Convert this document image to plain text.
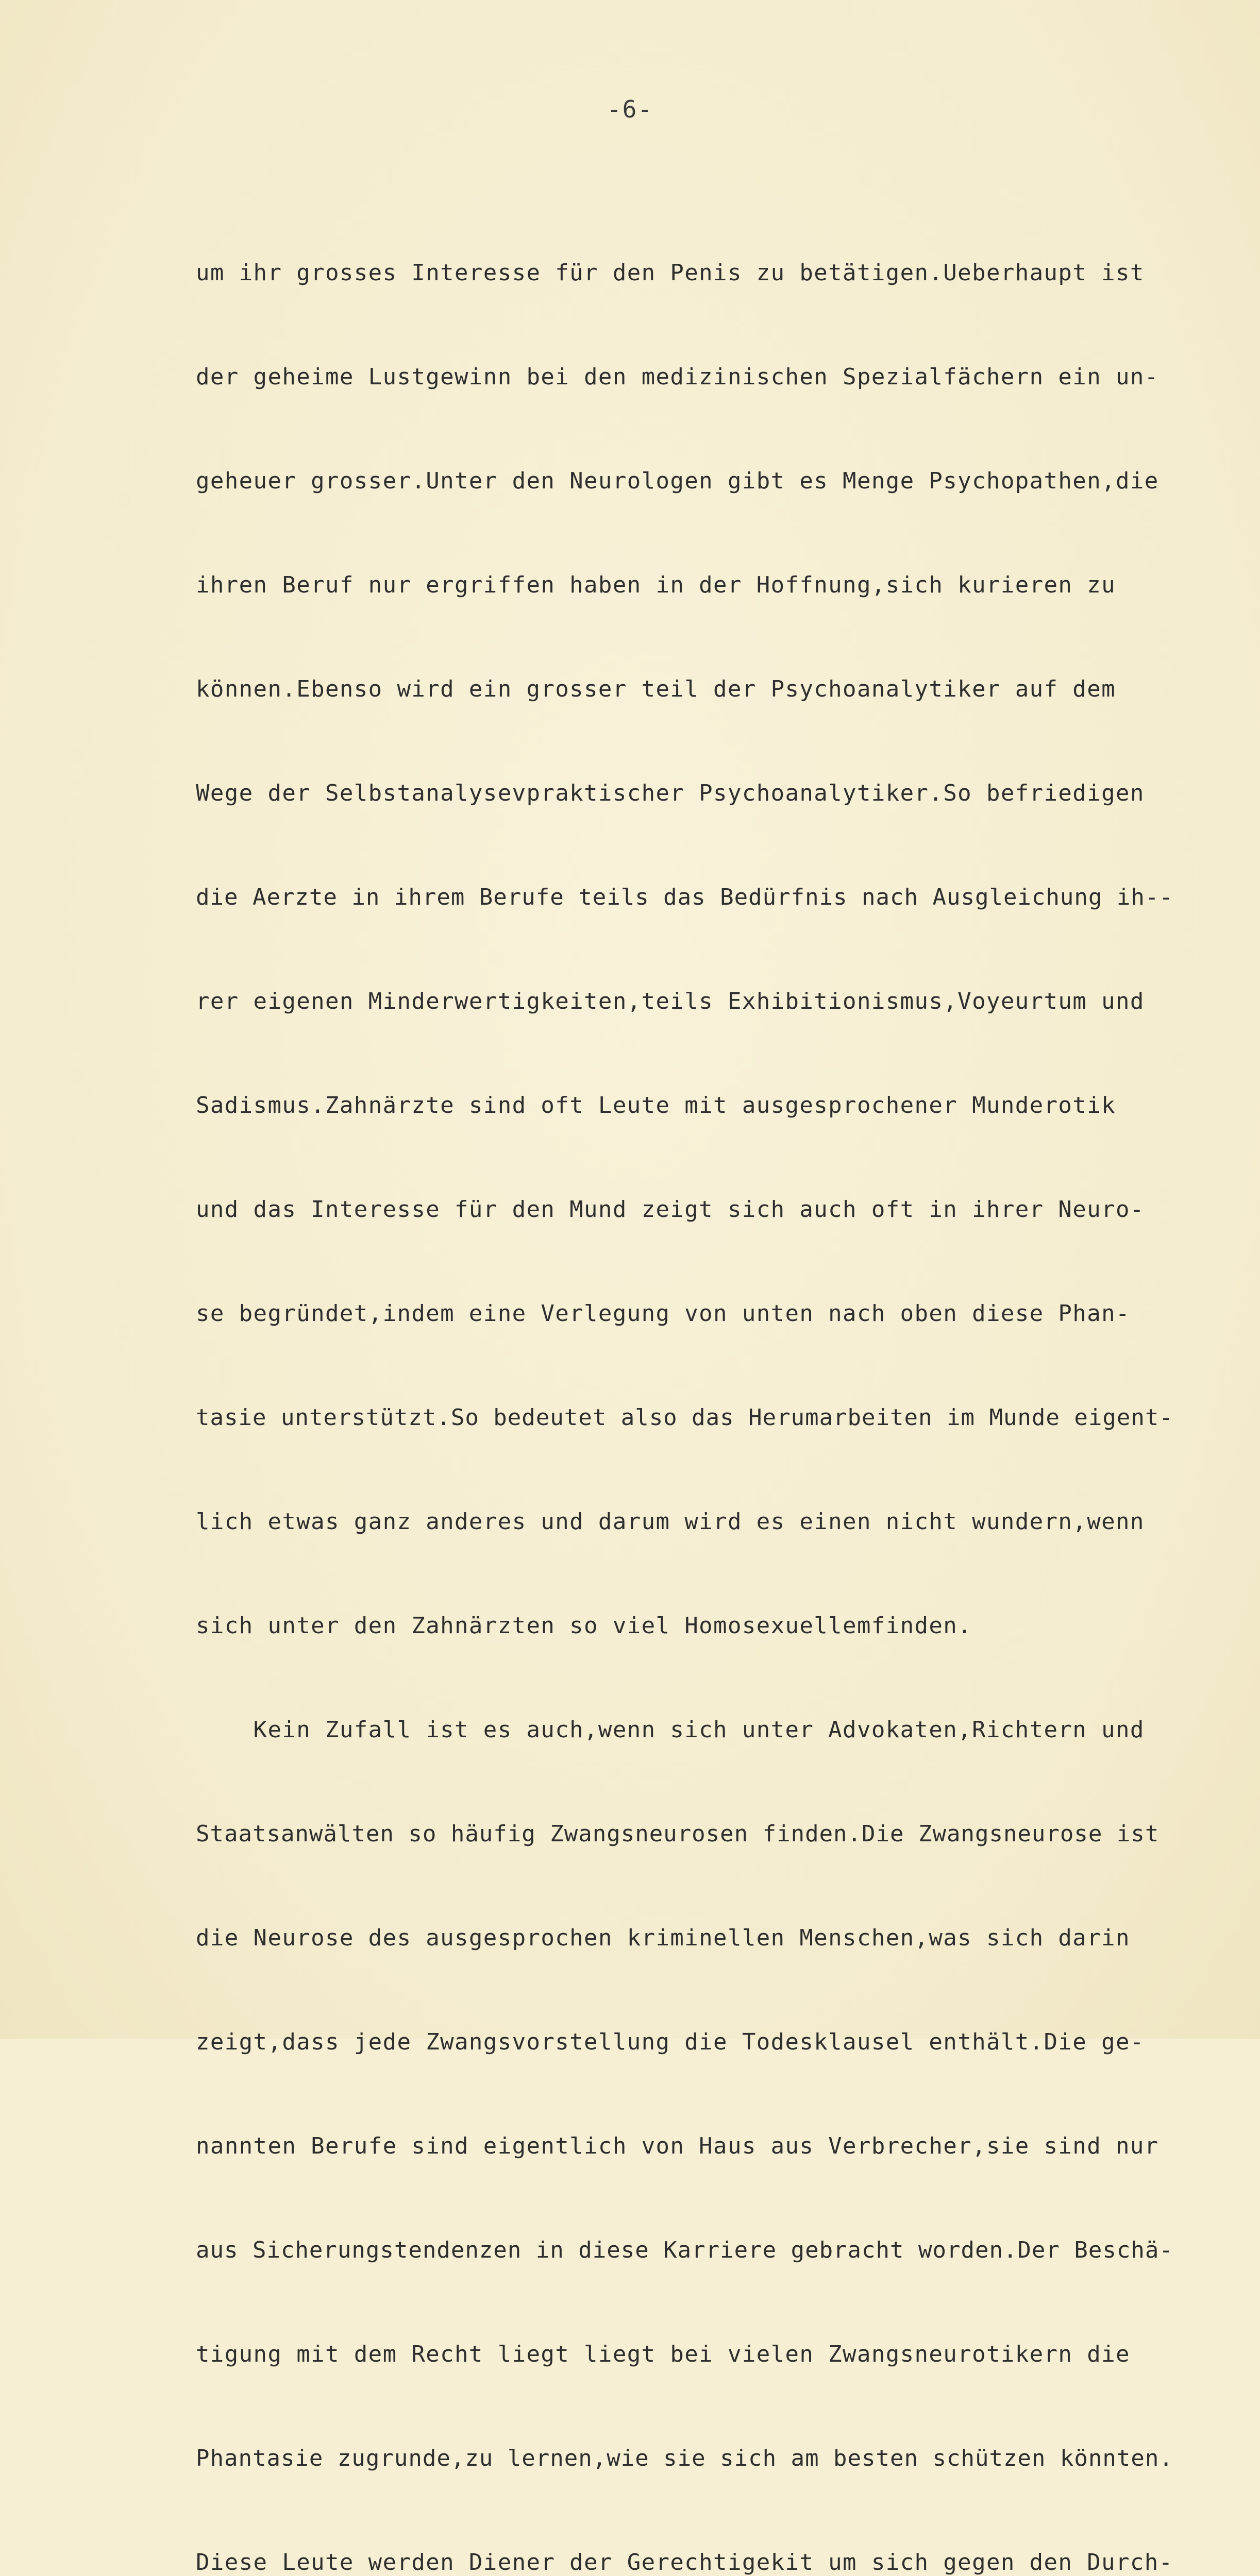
-6-

um ihr grosses Interesse für den Penis zu betätigen.Ueberhaupt ist

der geheime Lustgewinn bei den medizinischen Spezialfächern ein un-

geheuer grosser.Unter den Neurologen gibt es Menge Psychopathen,die

ihren Beruf nur ergriffen haben in der Hoffnung,sich kurieren zu

können.Ebenso wird ein grosser teil der Psychoanalytiker auf dem

Wege der Selbstanalysevpraktischer Psychoanalytiker.So befriedigen

die Aerzte in ihrem Berufe teils das Bedürfnis nach Ausgleichung ih--

rer eigenen Minderwertigkeiten,teils Exhibitionismus,Voyeurtum und

Sadismus.Zahnärzte sind oft Leute mit ausgesprochener Munderotik

und das Interesse für den Mund zeigt sich auch oft in ihrer Neuro-

se begründet,indem eine Verlegung von unten nach oben diese Phan-

tasie unterstützt.So bedeutet also das Herumarbeiten im Munde eigent-

lich etwas ganz anderes und darum wird es einen nicht wundern,wenn

sich unter den Zahnärzten so viel Homosexuellemfinden.

Kein Zufall ist es auch,wenn sich unter Advokaten,Richtern und

Staatsanwälten so häufig Zwangsneurosen finden.Die Zwangsneurose ist

die Neurose des ausgesprochen kriminellen Menschen,was sich darin

zeigt,dass jede Zwangsvorstellung die Todesklausel enthält.Die ge-

nannten Berufe sind eigentlich von Haus aus Verbrecher,sie sind nur

aus Sicherungstendenzen in diese Karriere gebracht worden.Der Beschä-

tigung mit dem Recht liegt liegt bei vielen Zwangsneurotikern die

Phantasie zugrunde,zu lernen,wie sie sich am besten schützen könnten.

Diese Leute werden Diener der Gerechtigekit um sich gegen den Durch-
